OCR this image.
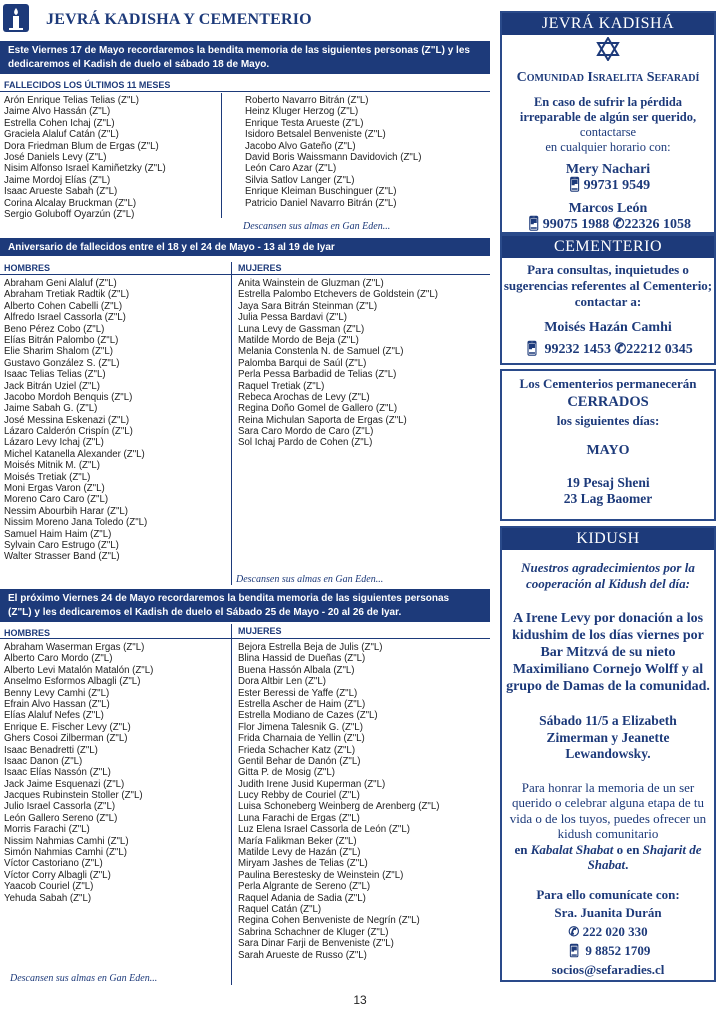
JEVRÁ KADISHA Y CEMENTERIO
Este Viernes 17 de Mayo recordaremos la bendita memoria de las siguientes personas (Z"L) y les
dedicaremos el Kadish de duelo el sábado 18 de Mayo.
FALLECIDOS LOS ÚLTIMOS 11 MESES
Arón Enrique Telias Telias (Z"L)
Jaime Alvo Hassán (Z"L)
Estrella Cohen Ichaj (Z"L)
Graciela Alaluf Catán (Z"L)
Dora Friedman Blum de Ergas (Z"L)
José Daniels Levy (Z"L)
Nisim Alfonso Israel Kamiñetzky (Z"L)
Jaime Mordoj Elías (Z"L)
Isaac Arueste Sabah (Z"L)
Corina Alcalay Bruckman (Z"L)
Sergio Goluboff Oyarzún (Z"L)
Roberto Navarro Bitrán (Z"L)
Heinz Kluger Herzog (Z"L)
Enrique Testa Arueste (Z"L)
Isidoro Betsalel Benveniste (Z"L)
Jacobo Alvo Gateño (Z"L)
David Boris Waissmann Davidovich (Z"L)
León Caro Azar (Z"L)
Silvia Satlov Langer (Z"L)
Enrique Kleiman Buschinguer (Z"L)
Patricio Daniel Navarro Bitrán (Z"L)
Descansen sus almas en Gan Eden...
Aniversario de fallecidos entre el 18 y el 24 de Mayo - 13 al 19 de Iyar
HOMBRES	MUJERES
Abraham Geni Alaluf (Z"L)
Abraham Tretiak Radtik (Z"L)
Alberto Cohen Cabelli (Z"L)
Alfredo Israel Cassorla (Z"L)
Beno Pérez Cobo (Z"L)
Elías Bitrán Palombo (Z"L)
Elie Sharim Shalom (Z"L)
Gustavo González S. (Z"L)
Isaac Telias Telias (Z"L)
Jack Bitrán Uziel (Z"L)
Jacobo Mordoh Benquis (Z"L)
Jaime Sabah G. (Z"L)
José Messina Eskenazi (Z"L)
Lázaro Calderón Crispín (Z"L)
Lázaro Levy Ichaj (Z"L)
Michel Katanella Alexander (Z"L)
Moisés Mitnik M. (Z"L)
Moisés Tretiak (Z"L)
Moni Ergas Varon (Z"L)
Moreno Caro Caro (Z"L)
Nessim Abourbih Harar (Z"L)
Nissim Moreno Jana Toledo (Z"L)
Samuel Haim Haim (Z"L)
Sylvain Caro Estrugo (Z"L)
Walter Strasser Band (Z"L)
Anita Wainstein de Gluzman (Z"L)
Estrella Palombo Etchevers de Goldstein (Z"L)
Jaya Sara Bitrán Steinman (Z"L)
Julia Pessa Bardavi (Z"L)
Luna Levy de Gassman (Z"L)
Matilde Mordo de Beja (Z"L)
Melania Constenla N. de Samuel (Z"L)
Palomba Barqui de Saúl (Z"L)
Perla Pessa Barbadid de Telias (Z"L)
Raquel Tretiak (Z"L)
Rebeca Arochas de Levy (Z"L)
Regina Doño Gomel de Gallero (Z"L)
Reina Michulan Saporta de Ergas (Z"L)
Sara Caro Mordo de Caro (Z"L)
Sol Ichaj Pardo de Cohen (Z"L)
Descansen sus almas en Gan Eden...
El próximo Viernes 24 de Mayo recordaremos la bendita memoria de las siguientes personas
(Z"L) y les dedicaremos el Kadish de duelo el Sábado 25 de Mayo - 20 al 26 de Iyar.
HOMBRES	MUJERES
Abraham Waserman Ergas (Z"L)
Alberto Caro Mordo (Z"L)
Alberto Levi Matalón Matalón (Z"L)
Anselmo Esformos Albagli (Z"L)
Benny Levy Camhi (Z"L)
Efrain Alvo Hassan (Z"L)
Elías Alaluf Nefes (Z"L)
Enrique E. Fischer Levy (Z"L)
Ghers Cosoi Zilberman (Z"L)
Isaac Benadretti (Z"L)
Isaac Danon (Z"L)
Isaac Elías Nassón (Z"L)
Jack Jaime Esquenazi (Z"L)
Jacques Rubinstein Stoller (Z"L)
Julio Israel Cassorla (Z"L)
León Gallero Sereno (Z"L)
Morris Farachi (Z"L)
Nissim Nahmias Camhi (Z"L)
Simón Nahmias Camhi (Z"L)
Víctor Castoriano (Z"L)
Víctor Corry Albagli (Z"L)
Yaacob Couriel (Z"L)
Yehuda Sabah (Z"L)
Bejora Estrella Beja de Julis (Z"L)
Blina Hassid de Dueñas (Z"L)
Buena Hassón Albala (Z"L)
Dora Altbir Len (Z"L)
Ester Beressi de Yaffe (Z"L)
Estrella Ascher de Haim (Z"L)
Estrella Modiano de Cazes (Z"L)
Flor Jimena Talesnik G. (Z"L)
Frida Charnaia de Yellin (Z"L)
Frieda Schacher Katz (Z"L)
Gentil Behar de Danón (Z"L)
Gitta P. de Mosig (Z"L)
Judith Irene Jusid Kuperman (Z"L)
Lucy Rebby de Couriel (Z"L)
Luisa Schoneberg Weinberg de Arenberg (Z"L)
Luna Farachi de Ergas (Z"L)
Luz Elena Israel Cassorla de León (Z"L)
María Falikman Beker (Z"L)
Matilde Levy de Hazán (Z"L)
Miryam Jashes de Telias (Z"L)
Paulina Berestesky de Weinstein (Z"L)
Perla Algrante de Sereno (Z"L)
Raquel Adania de Sadia (Z"L)
Raquel Catán (Z"L)
Regina Cohen Benveniste de Negrín (Z"L)
Sabrina Schachner de Kluger (Z"L)
Sara Dinar Farji de Benveniste (Z"L)
Sarah Arueste de Russo (Z"L)
Descansen sus almas en Gan Eden...
JEVRÁ KADISHÁ
Comunidad Israelita Sefaradí
En caso de sufrir la pérdida irreparable de algún ser querido, contactarse
en cualquier horario con:
Mery Nachari
📱︎99731 9549
Marcos León
📱︎99075 1988 ✆22326 1058
CEMENTERIO
Para consultas, inquietudes o sugerencias referentes al Cementerio; contactar a:
Moisés Hazán Camhi
📱︎ 99232 1453 ✆22212 0345
Los Cementerios permanecerán
CERRADOS
los siguientes días:
MAYO
19 Pesaj Sheni
23 Lag Baomer
KIDUSH
Nuestros agradecimientos por la cooperación al Kidush del día:
A Irene Levy por donación a los kidushim de los días viernes por Bar Mitzvá de su nieto Maximiliano Cornejo Wolff y al grupo de Damas de la comunidad.
Sábado 11/5 a Elizabeth Zimerman y Jeanette Lewandowsky.
Para honrar la memoria de un ser querido o celebrar alguna etapa de tu vida o de los tuyos, puedes ofrecer un kidush comunitario
en Kabalat Shabat o en Shajarit de Shabat.
Para ello comunícate con:
Sra. Juanita Durán
✆ 222 020 330
📱︎ 9 8852 1709
socios@sefaradies.cl
13
